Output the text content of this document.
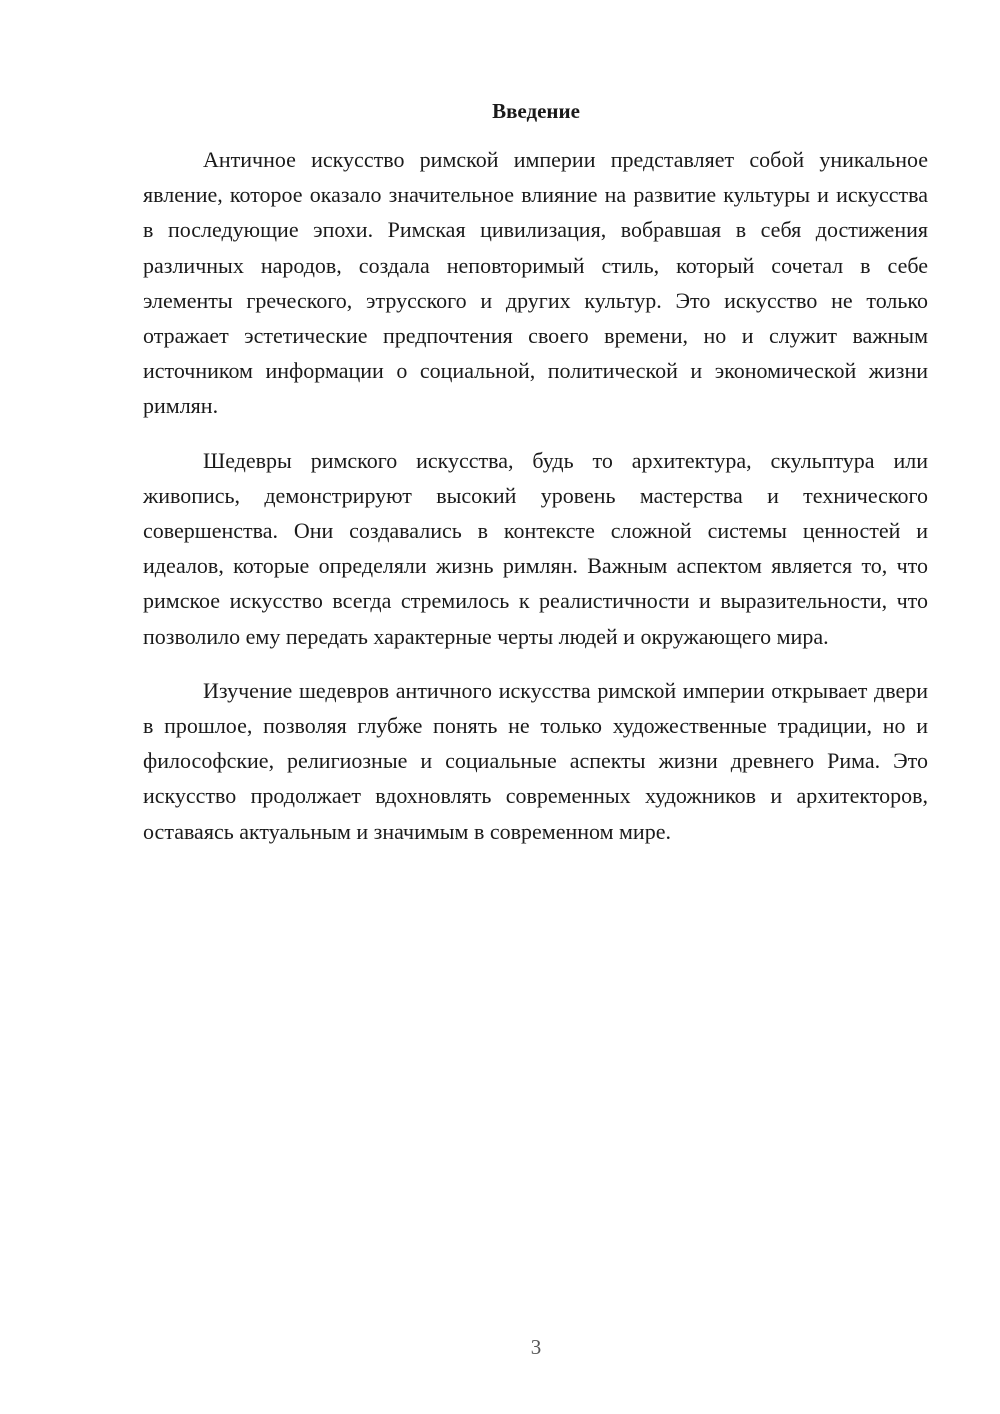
Введение

Античное искусство римской империи представляет собой уникальное явление, которое оказало значительное влияние на развитие культуры и искусства в последующие эпохи. Римская цивилизация, вобравшая в себя достижения различных народов, создала неповторимый стиль, который сочетал в себе элементы греческого, этрусского и других культур. Это искусство не только отражает эстетические предпочтения своего времени, но и служит важным источником информации о социальной, политической и экономической жизни римлян.

Шедевры римского искусства, будь то архитектура, скульптура или живопись, демонстрируют высокий уровень мастерства и технического совершенства. Они создавались в контексте сложной системы ценностей и идеалов, которые определяли жизнь римлян. Важным аспектом является то, что римское искусство всегда стремилось к реалистичности и выразительности, что позволило ему передать характерные черты людей и окружающего мира.

Изучение шедевров античного искусства римской империи открывает двери в прошлое, позволяя глубже понять не только художественные традиции, но и философские, религиозные и социальные аспекты жизни древнего Рима. Это искусство продолжает вдохновлять современных художников и архитекторов, оставаясь актуальным и значимым в современном мире.

3
